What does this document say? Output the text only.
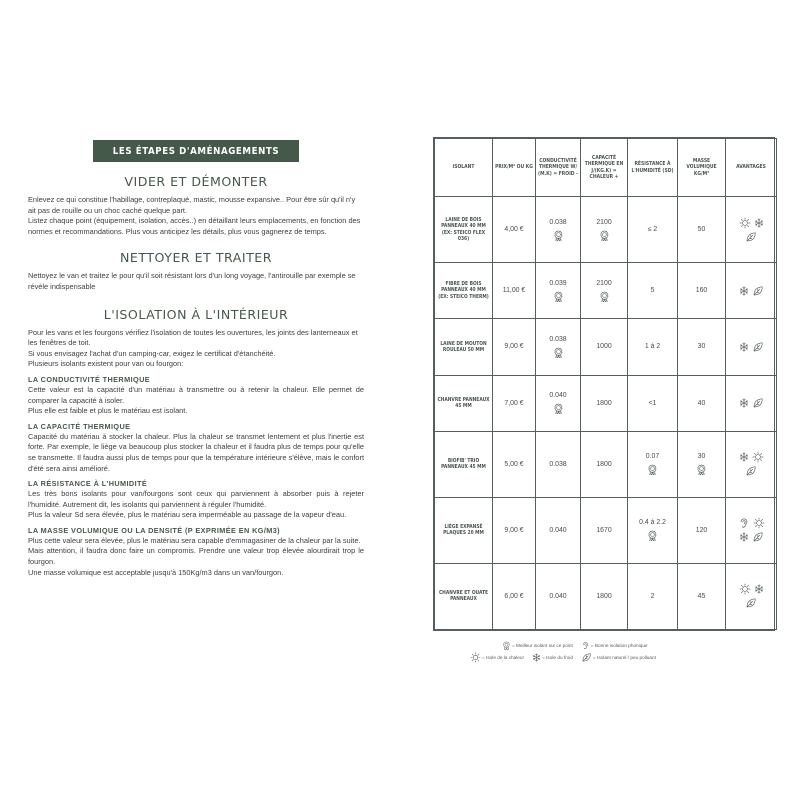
LES ÉTAPES D'AMÉNAGEMENTS
VIDER ET DÉMONTER

Enlevez ce qui constitue l'habillage, contreplaqué, mastic, mousse expansive.. Pour être sûr qu'il n'y ait pas de rouille ou un choc caché quelque part.
Listez chaque point (équipement, isolation, accès..) en détaillant leurs emplacements, en fonction des normes et recommandations. Plus vous anticipez les détails, plus vous gagnerez de temps.

NETTOYER ET TRAITER

Nettoyez le van et traitez le pour qu'il soit résistant lors d'un long voyage, l'antirouille par exemple se révèle indispensable

L'ISOLATION À L'INTÉRIEUR

Pour les vans et les fourgons vérifiez l'isolation de toutes les ouvertures, les joints des lanterneaux et les fenêtres de toit.
Si vous envisagez l'achat d'un camping-car, exigez le certificat d'étanchéité.
Plusieurs isolants existent pour van ou fourgon:

LA CONDUCTIVITÉ THERMIQUE

Cette valeur est la capacité d'un matériau à transmettre ou à retenir la chaleur. Elle permet de comparer la capacité à isoler.
Plus elle est faible et plus le matériau est isolant.

LA CAPACITÉ THERMIQUE

Capacité du matériau à stocker la chaleur. Plus la chaleur se transmet lentement et plus l'inertie est forte. Par exemple, le liège va beaucoup plus stocker la chaleur et il faudra plus de temps pour qu'elle se transmette. Il faudra aussi plus de temps pour que la température intérieure s'élève, mais le confort d'été sera ainsi amélioré.

LA RÉSISTANCE À L'HUMIDITÉ

Les très bons isolants pour van/fourgons sont ceux qui parviennent à absorber puis à rejeter l'humidité. Autrement dit, les isolants qui parviennent à réguler l'humidité.
Plus la valeur Sd sera élevée, plus le matériau sera imperméable au passage de la vapeur d'eau.

LA MASSE VOLUMIQUE OU LA DENSITÉ (P EXPRIMÉE EN KG/M3)

Plus cette valeur sera élevée, plus le matériau sera capable d'emmagasiner de la chaleur par la suite.
Mais attention, il faudra donc faire un compromis. Prendre une valeur trop élevée alourdirait trop le fourgon.
Une masse volumique est acceptable jusqu'à 150Kg/m3 dans un van/fourgon.

ISOLANT	PRIX/M² OU KG	CONDUCTIVITÉ THERMIQUE W/ (M.K) = FROID -	CAPACITÉ THERMIQUE EN J/(KG.K) = CHALEUR +	RÉSISTANCE À L'HUMIDITÉ (SD)	MASSE VOLUMIQUE KG/M³	AVANTAGES
LAINE DE BOIS PANNEAUX 40 MM (EX: STEICO FLEX 036)	4,00 €	0.038	2100	≤ 2	50	

FIBRE DE BOIS PANNEAUX 40 MM (EX: STEICO THERM)	11,00 €	0.039	2100	5	160	

LAINE DE MOUTON ROULEAU 50 MM	9,00 €	0.038	1000	1 à 2	30	

CHANVRE PANNEAUX 45 MM	7,00 €	0.040	1800	<1	40	

BIOFIB' TRIO PANNEAUX 45 MM	5,00 €	0.038	1800	0.07	30

LIÈGE EXPANSÉ PLAQUES 20 MM	9,00 €	0.040	1670	0.4 à 2.2	120	

CHANVRE ET OUATE PANNEAUX	6,00 €	0.040	1800	2	45	
= Meilleur isolant sur ce point	= Bonne isolation phonique
= Isole de la chaleur	= Isole du froid	= Isolant naturel / peu polluant
